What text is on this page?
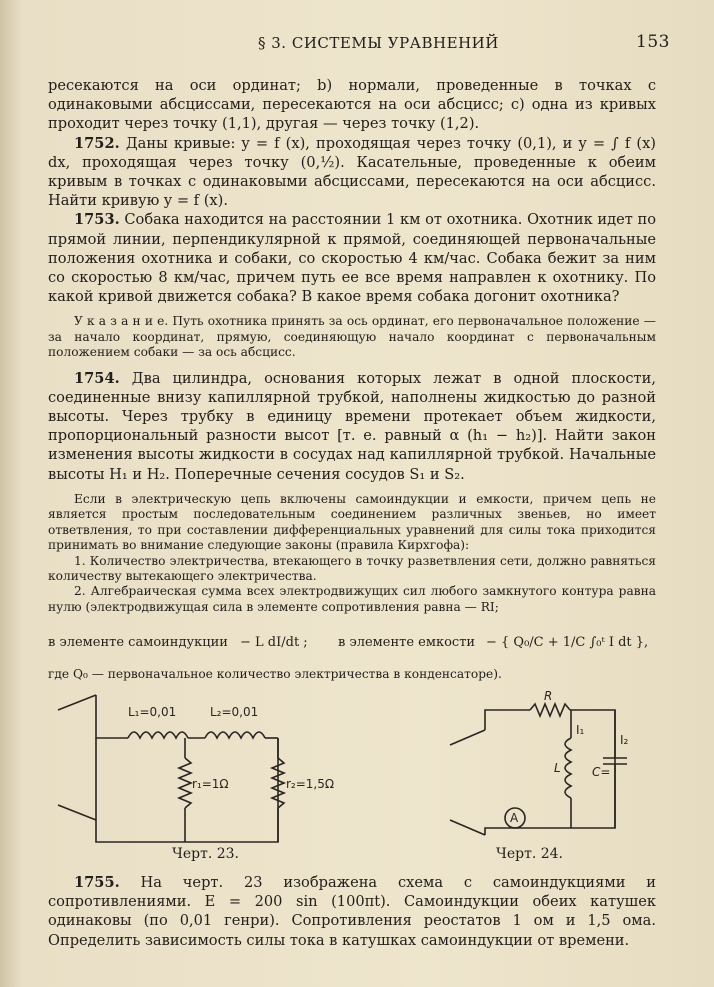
§ 3. СИСТЕМЫ УРАВНЕНИЙ	153

ресекаются на оси ординат; b) нормали, проведенные в точках с одинаковыми абсциссами, пересекаются на оси абсцисс; c) одна из кривых проходит через точку (1,1), другая — через точку (1,2).

1752. Даны кривые: y = f (x), проходящая через точку (0,1), и y = ∫ f (x) dx, проходящая через точку (0,½). Касательные, проведенные к обеим кривым в точках с одинаковыми абсциссами, пересекаются на оси абсцисс. Найти кривую y = f (x).

1753. Собака находится на расстоянии 1 км от охотника. Охотник идет по прямой линии, перпендикулярной к прямой, соединяющей первоначальные положения охотника и собаки, со скоростью 4 км/час. Собака бежит за ним со скоростью 8 км/час, причем путь ее все время направлен к охотнику. По какой кривой движется собака? В какое время собака догонит охотника?

У к а з а н и е. Путь охотника принять за ось ординат, его первоначальное положение — за начало координат, прямую, соединяющую начало координат с первоначальным положением собаки — за ось абсцисс.

1754. Два цилиндра, основания которых лежат в одной плоскости, соединенные внизу капиллярной трубкой, наполнены жидкостью до разной высоты. Через трубку в единицу времени протекает объем жидкости, пропорциональный разности высот [т. е. равный α (h₁ − h₂)]. Найти закон изменения высоты жидкости в сосудах над капиллярной трубкой. Начальные высоты H₁ и H₂. Поперечные сечения сосудов S₁ и S₂.

Если в электрическую цепь включены самоиндукции и емкости, причем цепь не является простым последовательным соединением различных звеньев, но имеет ответвления, то при составлении дифференциальных уравнений для силы тока приходится принимать во внимание следующие законы (правила Кирхгофа):

1. Количество электричества, втекающего в точку разветвления сети, должно равняться количеству вытекающего электричества.

2. Алгебраическая сумма всех электродвижущих сил любого замкнутого контура равна нулю (электродвижущая сила в элементе сопротивления равна — RI;

в элементе самоиндукции − L dI/dt ; в элементе емкости − { Q₀/C + 1/C ∫₀ᵗ I dt },

где Q₀ — первоначальное количество электричества в конденсаторе).

L₁=0,01	L₂=0,01
r₁=1Ω	r₂=1,5Ω
R
L	C=
I₁
I₂
A
Черт. 23.	Черт. 24.

1755. На черт. 23 изображена схема с самоиндукциями и сопротивлениями. E = 200 sin (100πt). Самоиндукции обеих катушек одинаковы (по 0,01 генри). Сопротивления реостатов 1 ом и 1,5 ома. Определить зависимость силы тока в катушках самоиндукции от времени.
